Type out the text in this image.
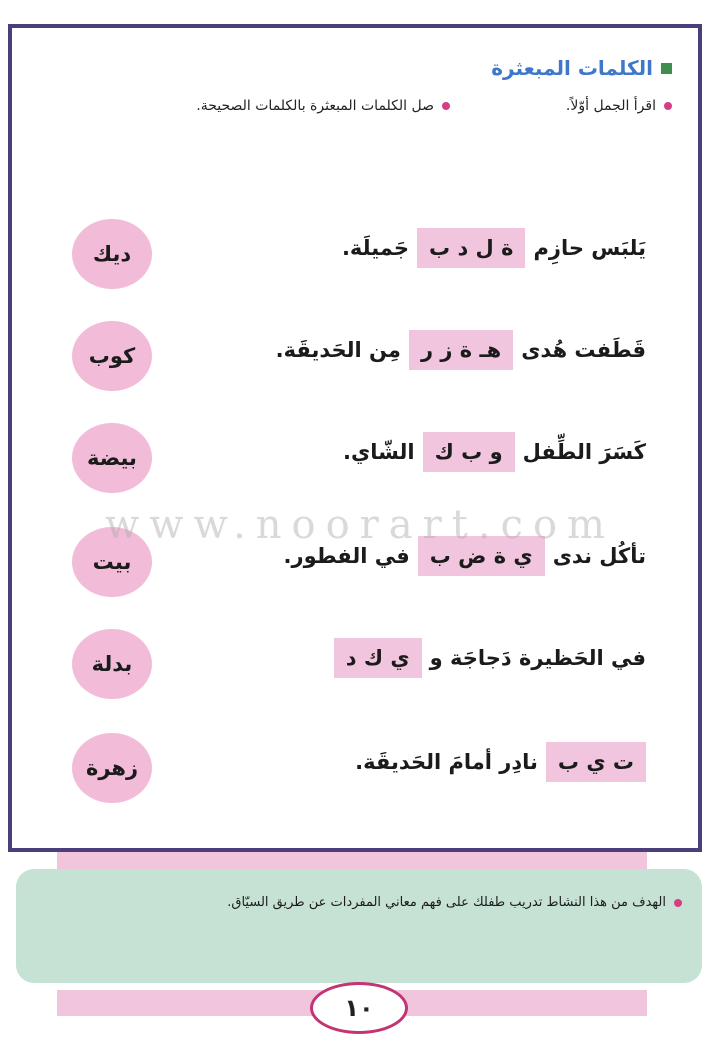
الكلمات المبعثرة
اقرأ الجمل أوّلاً.
صل الكلمات المبعثرة بالكلمات الصحيحة.
يَلبَس حازِم
ة ل د ب
جَميلَة.
قَطَفت هُدى
هـ ة ز ر
مِن الحَديقَة.
كَسَرَ الطِّفل
و ب ك
الشّاي.
تأكُل ندى
ي ة ض ب
في الفطور.
في الحَظيرة دَجاجَة و
ي ك د
ت ي ب
نادِر أمامَ الحَديقَة.
ديك
كوب
بيضة
بيت
بدلة
زهرة
www.noorart.com
الهدف من هذا النشاط تدريب طفلك على فهم معاني المفردات عن طريق السيّاق.
١٠
